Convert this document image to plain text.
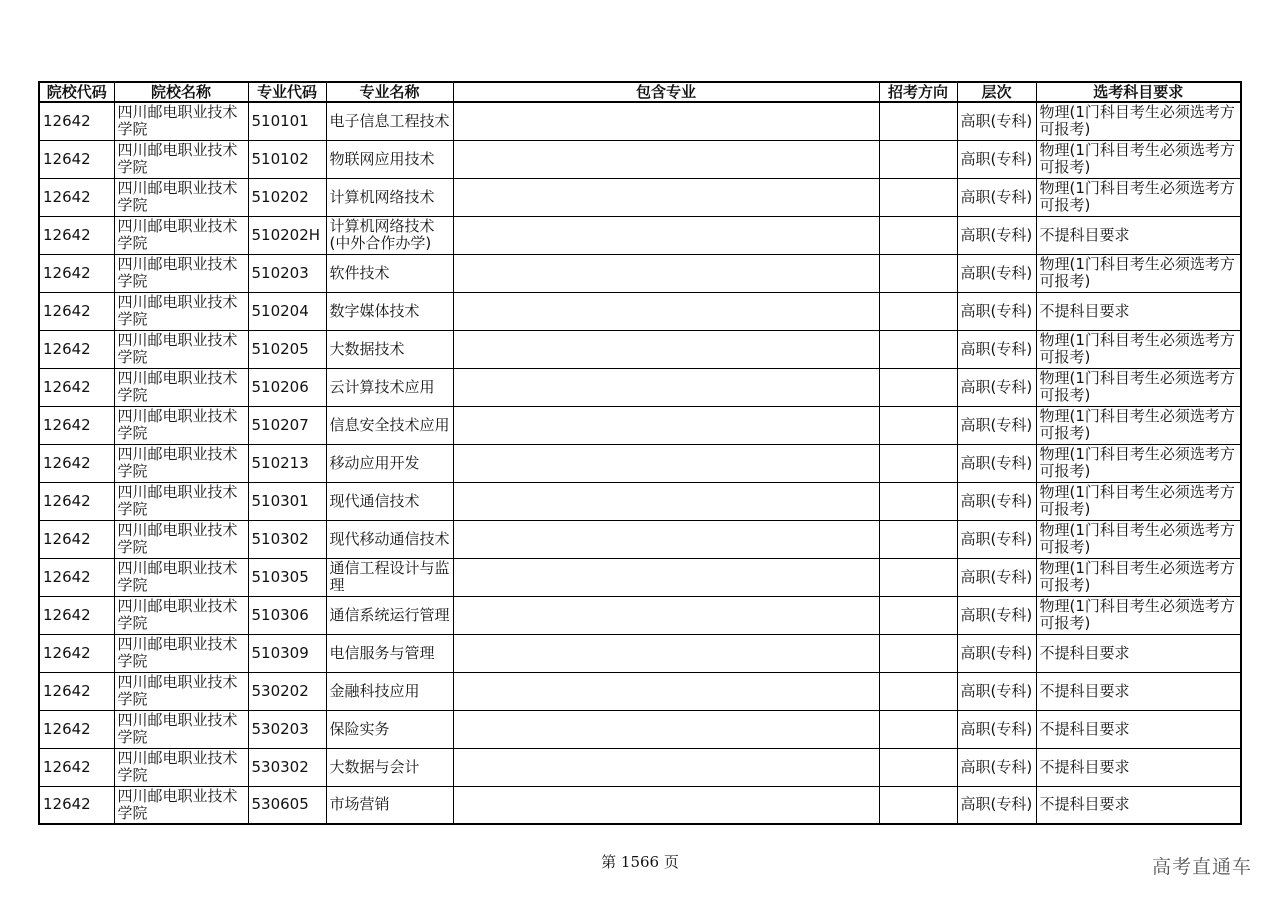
院校代码	院校名称	专业代码	专业名称	包含专业	招考方向	层次	选考科目要求
12642	四川邮电职业技术学院	510101	电子信息工程技术			高职(专科)	物理(1门科目考生必须选考方可报考)
12642	四川邮电职业技术学院	510102	物联网应用技术			高职(专科)	物理(1门科目考生必须选考方可报考)
12642	四川邮电职业技术学院	510202	计算机网络技术			高职(专科)	物理(1门科目考生必须选考方可报考)
12642	四川邮电职业技术学院	510202H	计算机网络技术(中外合作办学)			高职(专科)	不提科目要求
12642	四川邮电职业技术学院	510203	软件技术			高职(专科)	物理(1门科目考生必须选考方可报考)
12642	四川邮电职业技术学院	510204	数字媒体技术			高职(专科)	不提科目要求
12642	四川邮电职业技术学院	510205	大数据技术			高职(专科)	物理(1门科目考生必须选考方可报考)
12642	四川邮电职业技术学院	510206	云计算技术应用			高职(专科)	物理(1门科目考生必须选考方可报考)
12642	四川邮电职业技术学院	510207	信息安全技术应用			高职(专科)	物理(1门科目考生必须选考方可报考)
12642	四川邮电职业技术学院	510213	移动应用开发			高职(专科)	物理(1门科目考生必须选考方可报考)
12642	四川邮电职业技术学院	510301	现代通信技术			高职(专科)	物理(1门科目考生必须选考方可报考)
12642	四川邮电职业技术学院	510302	现代移动通信技术			高职(专科)	物理(1门科目考生必须选考方可报考)
12642	四川邮电职业技术学院	510305	通信工程设计与监理			高职(专科)	物理(1门科目考生必须选考方可报考)
12642	四川邮电职业技术学院	510306	通信系统运行管理			高职(专科)	物理(1门科目考生必须选考方可报考)
12642	四川邮电职业技术学院	510309	电信服务与管理			高职(专科)	不提科目要求
12642	四川邮电职业技术学院	530202	金融科技应用			高职(专科)	不提科目要求
12642	四川邮电职业技术学院	530203	保险实务			高职(专科)	不提科目要求
12642	四川邮电职业技术学院	530302	大数据与会计			高职(专科)	不提科目要求
12642	四川邮电职业技术学院	530605	市场营销			高职(专科)	不提科目要求
第 1566 页	高考直通车
